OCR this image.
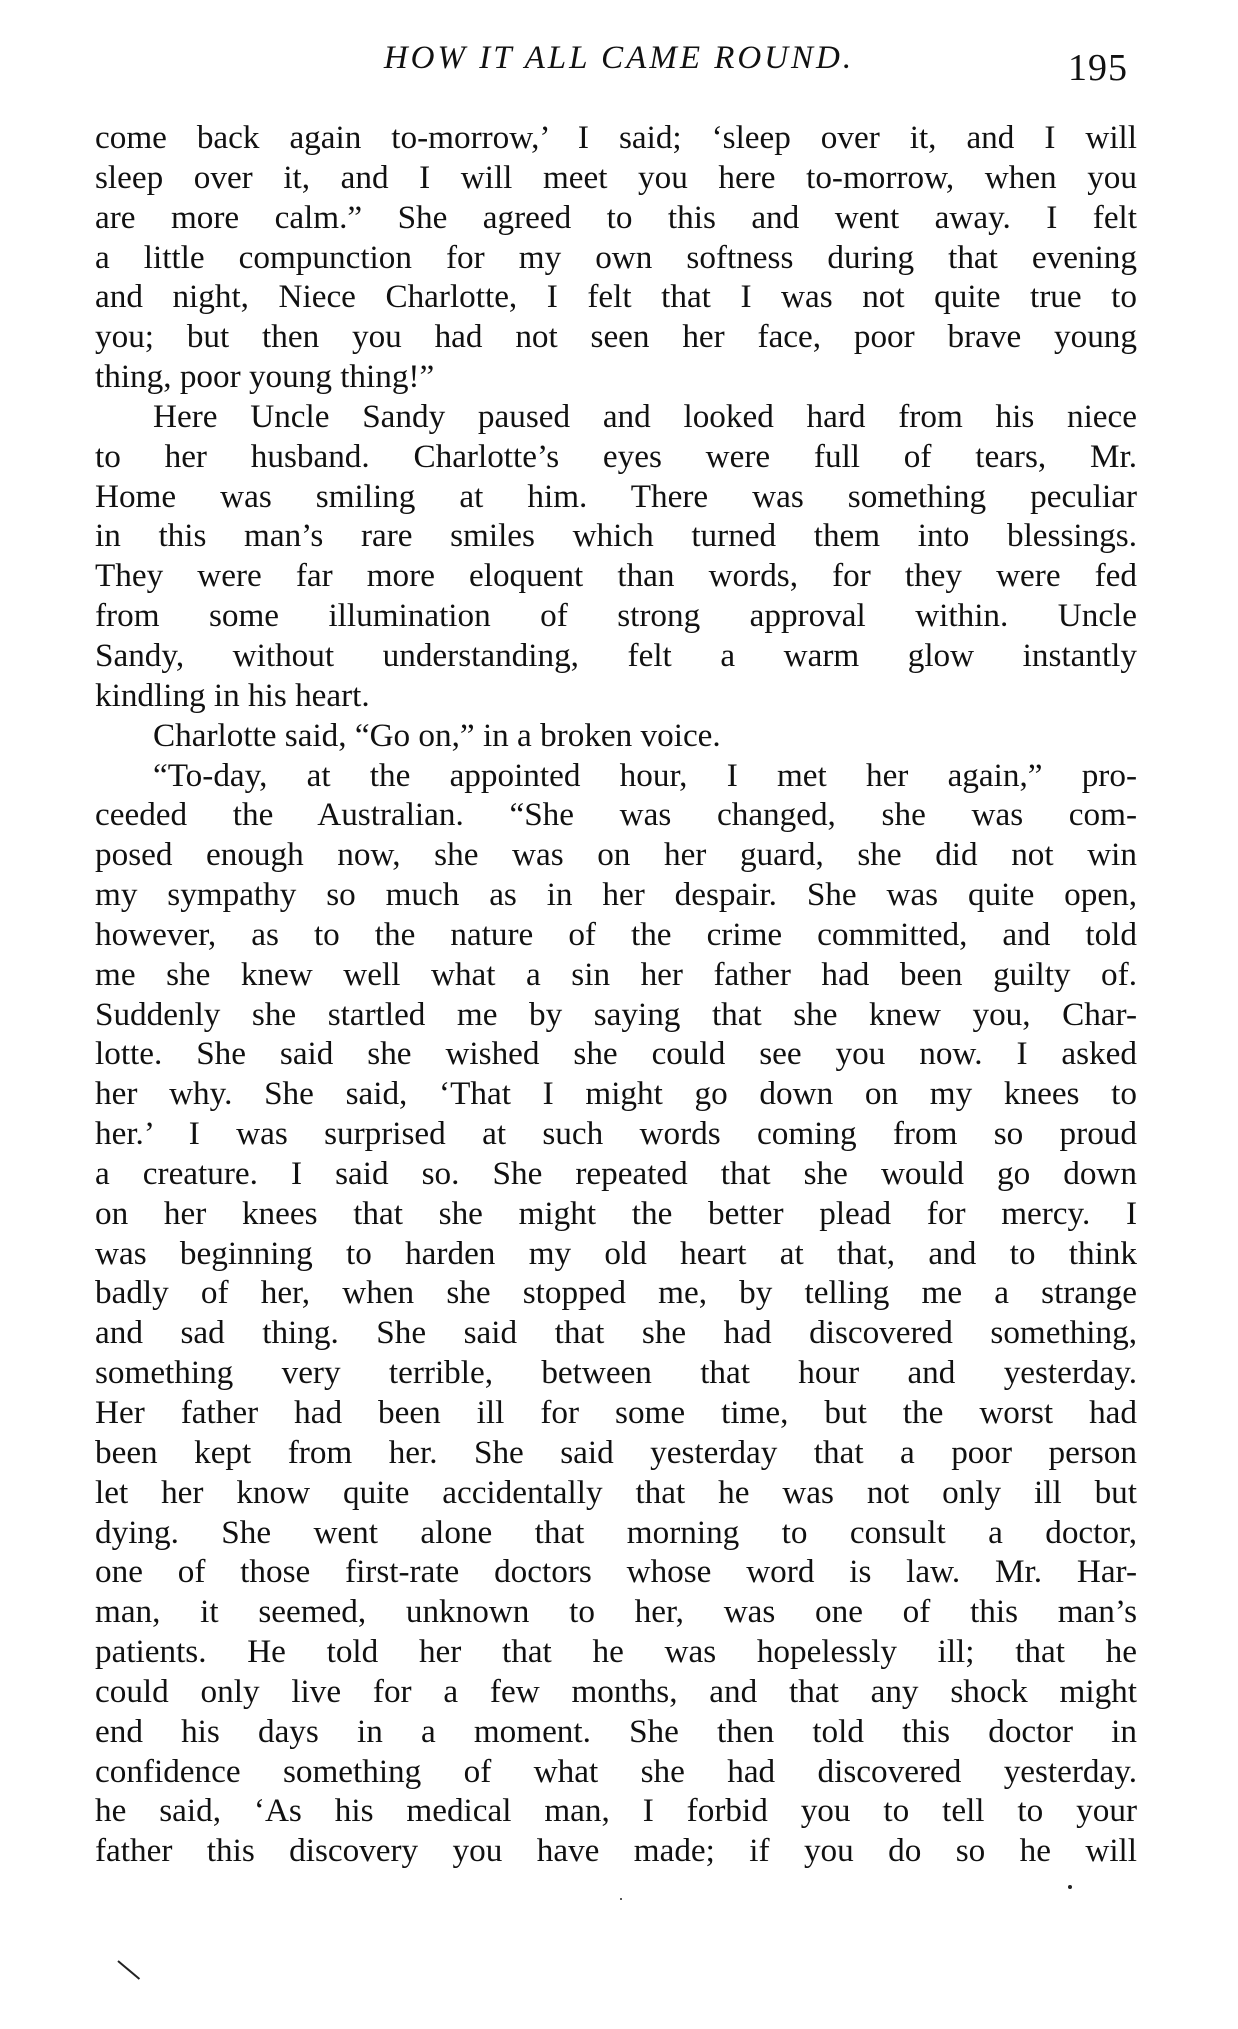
HOW IT ALL CAME ROUND.	195
come back again to-morrow,’ I said; ‘sleep over it, and I will
sleep over it, and I will meet you here to-morrow, when you
are more calm.” She agreed to this and went away. I felt
a little compunction for my own softness during that evening
and night, Niece Charlotte, I felt that I was not quite true to
you; but then you had not seen her face, poor brave young
thing, poor young thing!”
Here Uncle Sandy paused and looked hard from his niece
to her husband. Charlotte’s eyes were full of tears, Mr.
Home was smiling at him. There was something peculiar
in this man’s rare smiles which turned them into blessings.
They were far more eloquent than words, for they were fed
from some illumination of strong approval within. Uncle
Sandy, without understanding, felt a warm glow instantly
kindling in his heart.
Charlotte said, “Go on,” in a broken voice.
“To-day, at the appointed hour, I met her again,” pro-
ceeded the Australian. “She was changed, she was com-
posed enough now, she was on her guard, she did not win
my sympathy so much as in her despair. She was quite open,
however, as to the nature of the crime committed, and told
me she knew well what a sin her father had been guilty of.
Suddenly she startled me by saying that she knew you, Char-
lotte. She said she wished she could see you now. I asked
her why. She said, ‘That I might go down on my knees to
her.’ I was surprised at such words coming from so proud
a creature. I said so. She repeated that she would go down
on her knees that she might the better plead for mercy. I
was beginning to harden my old heart at that, and to think
badly of her, when she stopped me, by telling me a strange
and sad thing. She said that she had discovered something,
something very terrible, between that hour and yesterday.
Her father had been ill for some time, but the worst had
been kept from her. She said yesterday that a poor person
let her know quite accidentally that he was not only ill but
dying. She went alone that morning to consult a doctor,
one of those first-rate doctors whose word is law. Mr. Har-
man, it seemed, unknown to her, was one of this man’s
patients. He told her that he was hopelessly ill; that he
could only live for a few months, and that any shock might
end his days in a moment. She then told this doctor in
confidence something of what she had discovered yesterday.
he said, ‘As his medical man, I forbid you to tell to your
father this discovery you have made; if you do so he will
